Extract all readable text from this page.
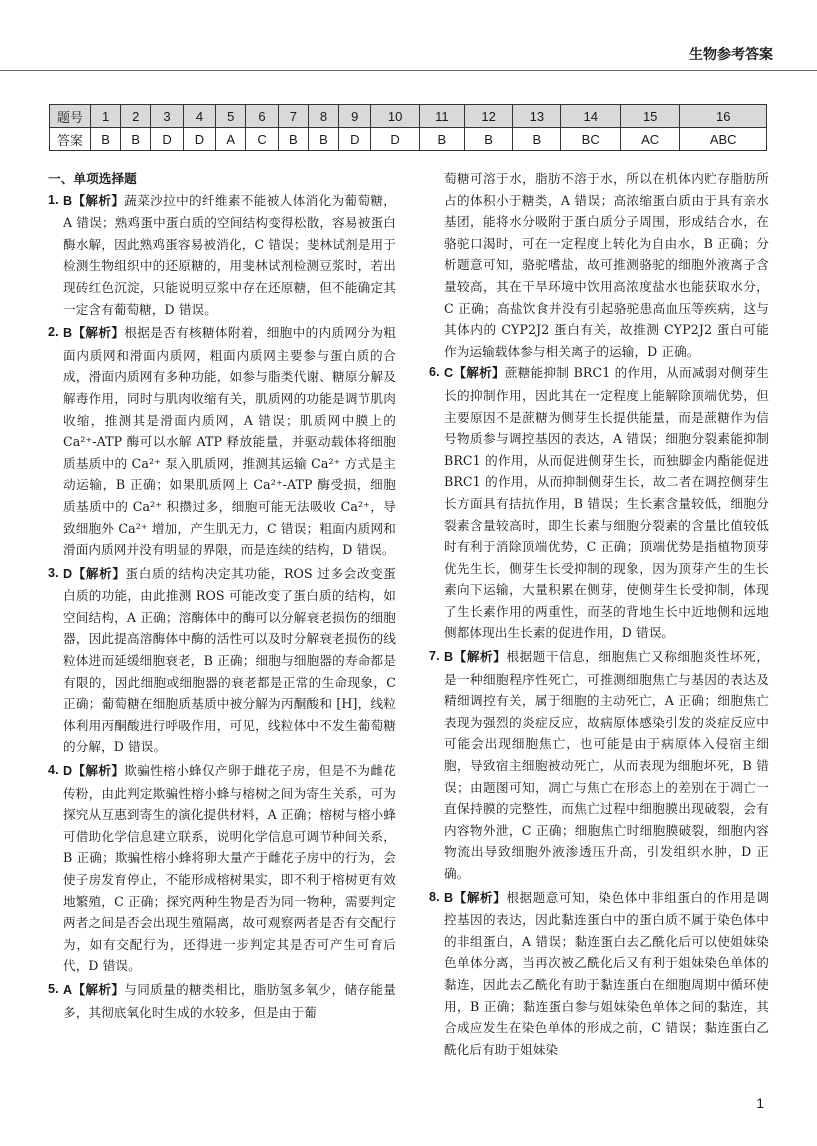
生物参考答案
题号	1	2	3	4	5	6	7	8	9	10	11	12	13	14	15	16
答案	B	B	D	D	A	C	B	B	D	D	B	B	B	BC	AC	ABC
一、单项选择题
1. B【解析】蔬菜沙拉中的纤维素不能被人体消化为葡萄糖，A 错误；熟鸡蛋中蛋白质的空间结构变得松散，容易被蛋白酶水解，因此熟鸡蛋容易被消化，C 错误；斐林试剂是用于检测生物组织中的还原糖的，用斐林试剂检测豆浆时，若出现砖红色沉淀，只能说明豆浆中存在还原糖，但不能确定其一定含有葡萄糖，D 错误。
2. B【解析】根据是否有核糖体附着，细胞中的内质网分为粗面内质网和滑面内质网，粗面内质网主要参与蛋白质的合成，滑面内质网有多种功能，如参与脂类代谢、糖原分解及解毒作用，同时与肌肉收缩有关，肌质网的功能是调节肌肉收缩，推测其是滑面内质网，A 错误；肌质网中膜上的 Ca²⁺-ATP 酶可以水解 ATP 释放能量，并驱动载体将细胞质基质中的 Ca²⁺ 泵入肌质网，推测其运输 Ca²⁺ 方式是主动运输，B 正确；如果肌质网上 Ca²⁺-ATP 酶受损，细胞质基质中的 Ca²⁺ 积攒过多，细胞可能无法吸收 Ca²⁺，导致细胞外 Ca²⁺ 增加，产生肌无力，C 错误；粗面内质网和滑面内质网并没有明显的界限，而是连续的结构，D 错误。
3. D【解析】蛋白质的结构决定其功能，ROS 过多会改变蛋白质的功能，由此推测 ROS 可能改变了蛋白质的结构，如空间结构，A 正确；溶酶体中的酶可以分解衰老损伤的细胞器，因此提高溶酶体中酶的活性可以及时分解衰老损伤的线粒体进而延缓细胞衰老，B 正确；细胞与细胞器的寿命都是有限的，因此细胞或细胞器的衰老都是正常的生命现象，C 正确；葡萄糖在细胞质基质中被分解为丙酮酸和 [H]，线粒体利用丙酮酸进行呼吸作用，可见，线粒体中不发生葡萄糖的分解，D 错误。
4. D【解析】欺骗性榕小蜂仅产卵于雌花子房，但是不为雌花传粉，由此判定欺骗性榕小蜂与榕树之间为寄生关系，可为探究从互惠到寄生的演化提供材料，A 正确；榕树与榕小蜂可借助化学信息建立联系，说明化学信息可调节种间关系，B 正确；欺骗性榕小蜂将卵大量产于雌花子房中的行为，会使子房发育停止，不能形成榕树果实，即不利于榕树更有效地繁殖，C 正确；探究两种生物是否为同一物种，需要判定两者之间是否会出现生殖隔离，故可观察两者是否有交配行为，如有交配行为，还得进一步判定其是否可产生可育后代，D 错误。
5. A【解析】与同质量的糖类相比，脂肪氢多氧少，储存能量多，其彻底氧化时生成的水较多，但是由于葡
萄糖可溶于水，脂肪不溶于水，所以在机体内贮存脂肪所占的体积小于糖类，A 错误；高浓缩蛋白质由于具有亲水基团，能将水分吸附于蛋白质分子周围，形成结合水，在骆驼口渴时，可在一定程度上转化为自由水，B 正确；分析题意可知，骆驼嗜盐，故可推测骆驼的细胞外液离子含量较高，其在干旱环境中饮用高浓度盐水也能获取水分，C 正确；高盐饮食并没有引起骆驼患高血压等疾病，这与其体内的 CYP2J2 蛋白有关，故推测 CYP2J2 蛋白可能作为运输载体参与相关离子的运输，D 正确。
6. C【解析】蔗糖能抑制 BRC1 的作用，从而减弱对侧芽生长的抑制作用，因此其在一定程度上能解除顶端优势，但主要原因不是蔗糖为侧芽生长提供能量，而是蔗糖作为信号物质参与调控基因的表达，A 错误；细胞分裂素能抑制 BRC1 的作用，从而促进侧芽生长，而独脚金内酯能促进 BRC1 的作用，从而抑制侧芽生长，故二者在调控侧芽生长方面具有拮抗作用，B 错误；生长素含量较低，细胞分裂素含量较高时，即生长素与细胞分裂素的含量比值较低时有利于消除顶端优势，C 正确；顶端优势是指植物顶芽优先生长，侧芽生长受抑制的现象，因为顶芽产生的生长素向下运输，大量积累在侧芽，使侧芽生长受抑制，体现了生长素作用的两重性，而茎的背地生长中近地侧和远地侧都体现出生长素的促进作用，D 错误。
7. B【解析】根据题干信息，细胞焦亡又称细胞炎性坏死，是一种细胞程序性死亡，可推测细胞焦亡与基因的表达及精细调控有关，属于细胞的主动死亡，A 正确；细胞焦亡表现为强烈的炎症反应，故病原体感染引发的炎症反应中可能会出现细胞焦亡，也可能是由于病原体入侵宿主细胞，导致宿主细胞被动死亡，从而表现为细胞坏死，B 错误；由题图可知，凋亡与焦亡在形态上的差别在于凋亡一直保持膜的完整性，而焦亡过程中细胞膜出现破裂，会有内容物外泄，C 正确；细胞焦亡时细胞膜破裂，细胞内容物流出导致细胞外液渗透压升高，引发组织水肿，D 正确。
8. B【解析】根据题意可知，染色体中非组蛋白的作用是调控基因的表达，因此黏连蛋白中的蛋白质不属于染色体中的非组蛋白，A 错误；黏连蛋白去乙酰化后可以使姐妹染色单体分离，当再次被乙酰化后又有利于姐妹染色单体的黏连，因此去乙酰化有助于黏连蛋白在细胞周期中循环使用，B 正确；黏连蛋白参与姐妹染色单体之间的黏连，其合成应发生在染色单体的形成之前，C 错误；黏连蛋白乙酰化后有助于姐妹染
1
